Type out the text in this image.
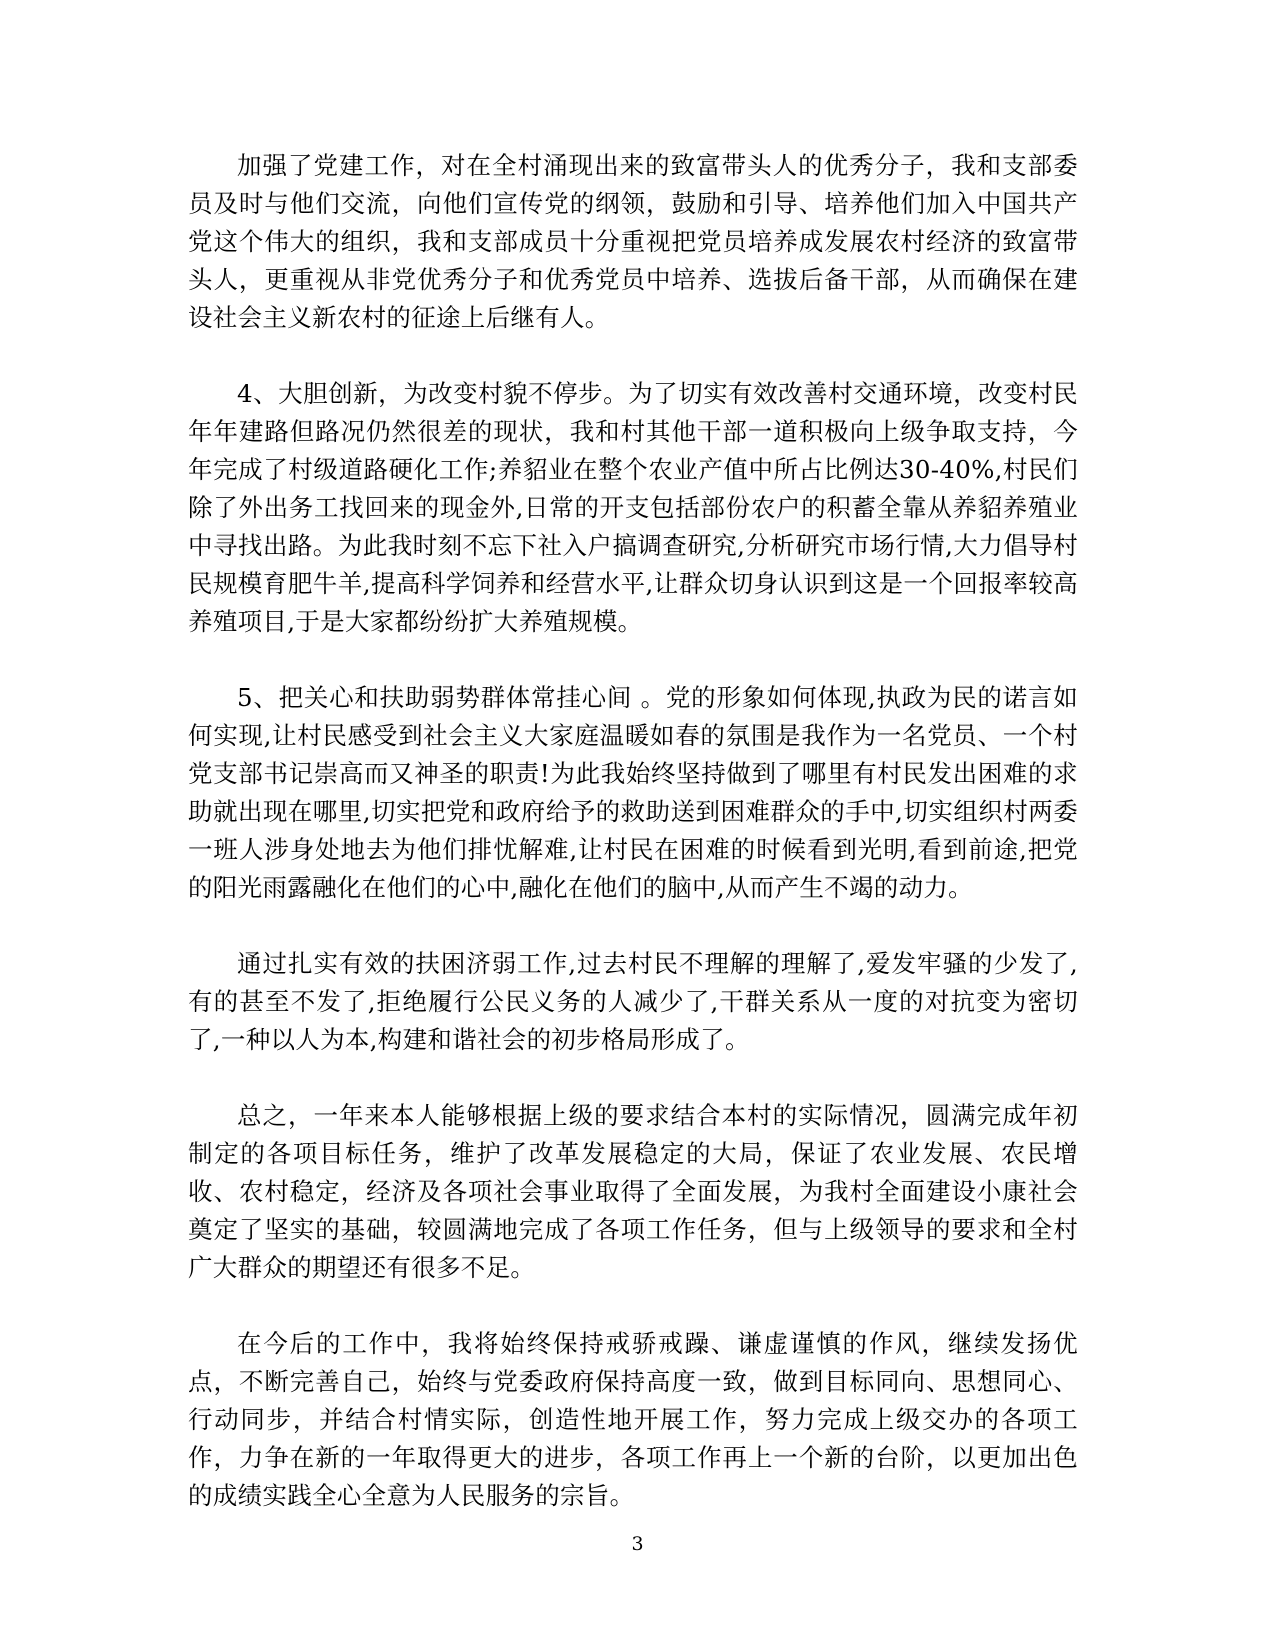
加强了党建工作，对在全村涌现出来的致富带头人的优秀分子，我和支部委员及时与他们交流，向他们宣传党的纲领，鼓励和引导、培养他们加入中国共产党这个伟大的组织，我和支部成员十分重视把党员培养成发展农村经济的致富带头人，更重视从非党优秀分子和优秀党员中培养、选拔后备干部，从而确保在建设社会主义新农村的征途上后继有人。

4、大胆创新，为改变村貌不停步。为了切实有效改善村交通环境，改变村民年年建路但路况仍然很差的现状，我和村其他干部一道积极向上级争取支持，今年完成了村级道路硬化工作;养貂业在整个农业产值中所占比例达30-40%,村民们除了外出务工找回来的现金外,日常的开支包括部份农户的积蓄全靠从养貂养殖业中寻找出路。为此我时刻不忘下社入户搞调查研究,分析研究市场行情,大力倡导村民规模育肥牛羊,提高科学饲养和经营水平,让群众切身认识到这是一个回报率较高养殖项目,于是大家都纷纷扩大养殖规模。

5、把关心和扶助弱势群体常挂心间 。党的形象如何体现,执政为民的诺言如何实现,让村民感受到社会主义大家庭温暖如春的氛围是我作为一名党员、一个村党支部书记崇高而又神圣的职责!为此我始终坚持做到了哪里有村民发出困难的求助就出现在哪里,切实把党和政府给予的救助送到困难群众的手中,切实组织村两委一班人涉身处地去为他们排忧解难,让村民在困难的时候看到光明,看到前途,把党的阳光雨露融化在他们的心中,融化在他们的脑中,从而产生不竭的动力。

通过扎实有效的扶困济弱工作,过去村民不理解的理解了,爱发牢骚的少发了,有的甚至不发了,拒绝履行公民义务的人减少了,干群关系从一度的对抗变为密切了,一种以人为本,构建和谐社会的初步格局形成了。

总之，一年来本人能够根据上级的要求结合本村的实际情况，圆满完成年初制定的各项目标任务，维护了改革发展稳定的大局，保证了农业发展、农民增收、农村稳定，经济及各项社会事业取得了全面发展，为我村全面建设小康社会奠定了坚实的基础，较圆满地完成了各项工作任务，但与上级领导的要求和全村广大群众的期望还有很多不足。

在今后的工作中，我将始终保持戒骄戒躁、谦虚谨慎的作风，继续发扬优点，不断完善自己，始终与党委政府保持高度一致，做到目标同向、思想同心、行动同步，并结合村情实际，创造性地开展工作，努力完成上级交办的各项工作，力争在新的一年取得更大的进步，各项工作再上一个新的台阶，以更加出色的成绩实践全心全意为人民服务的宗旨。

3
